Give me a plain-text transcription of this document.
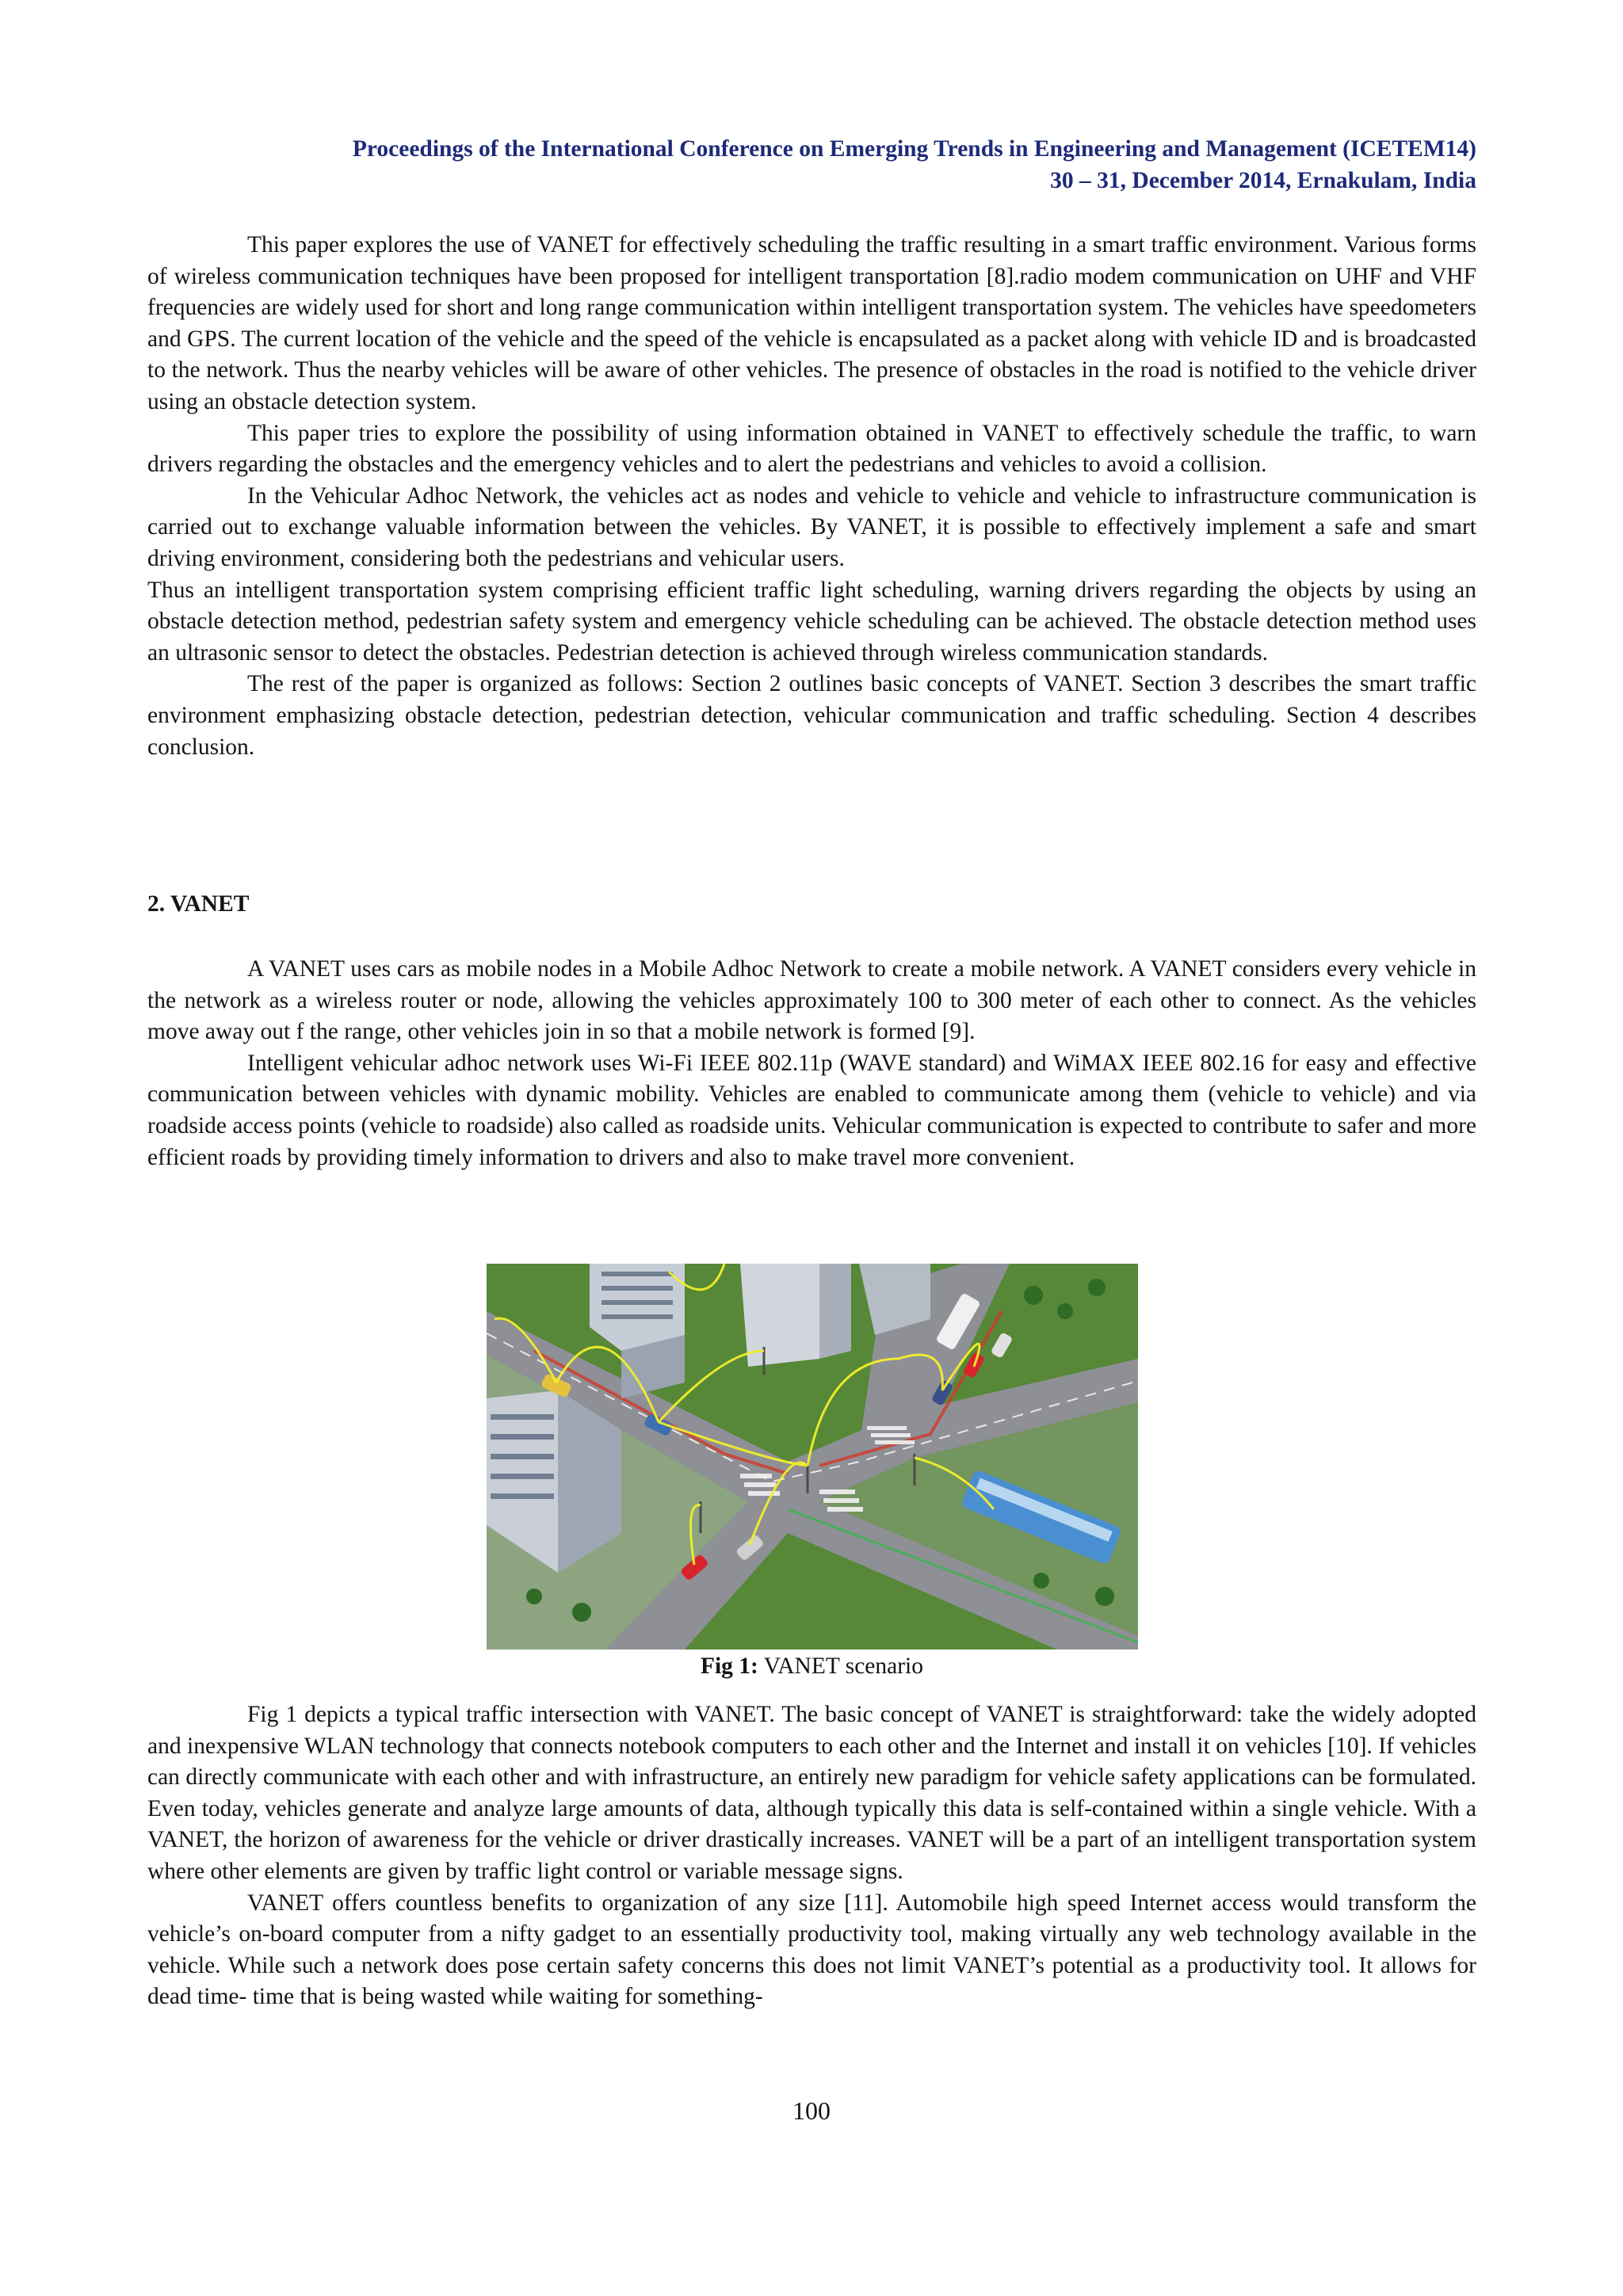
Proceedings of the International Conference on Emerging Trends in Engineering and Management (ICETEM14)
30 – 31, December 2014, Ernakulam, India

This paper explores the use of VANET for effectively scheduling the traffic resulting in a smart traffic environment. Various forms of wireless communication techniques have been proposed for intelligent transportation [8].radio modem communication on UHF and VHF frequencies are widely used for short and long range communication within intelligent transportation system. The vehicles have speedometers and GPS. The current location of the vehicle and the speed of the vehicle is encapsulated as a packet along with vehicle ID and is broadcasted to the network. Thus the nearby vehicles will be aware of other vehicles. The presence of obstacles in the road is notified to the vehicle driver using an obstacle detection system.

This paper tries to explore the possibility of using information obtained in VANET to effectively schedule the traffic, to warn drivers regarding the obstacles and the emergency vehicles and to alert the pedestrians and vehicles to avoid a collision.

In the Vehicular Adhoc Network, the vehicles act as nodes and vehicle to vehicle and vehicle to infrastructure communication is carried out to exchange valuable information between the vehicles. By VANET, it is possible to effectively implement a safe and smart driving environment, considering both the pedestrians and vehicular users.

Thus an intelligent transportation system comprising efficient traffic light scheduling, warning drivers regarding the objects by using an obstacle detection method, pedestrian safety system and emergency vehicle scheduling can be achieved. The obstacle detection method uses an ultrasonic sensor to detect the obstacles. Pedestrian detection is achieved through wireless communication standards.

The rest of the paper is organized as follows: Section 2 outlines basic concepts of VANET. Section 3 describes the smart traffic environment emphasizing obstacle detection, pedestrian detection, vehicular communication and traffic scheduling. Section 4 describes conclusion.

2. VANET

A VANET uses cars as mobile nodes in a Mobile Adhoc Network to create a mobile network. A VANET considers every vehicle in the network as a wireless router or node, allowing the vehicles approximately 100 to 300 meter of each other to connect. As the vehicles move away out f the range, other vehicles join in so that a mobile network is formed [9].

Intelligent vehicular adhoc network uses Wi-Fi IEEE 802.11p (WAVE standard) and WiMAX IEEE 802.16 for easy and effective communication between vehicles with dynamic mobility. Vehicles are enabled to communicate among them (vehicle to vehicle) and via roadside access points (vehicle to roadside) also called as roadside units. Vehicular communication is expected to contribute to safer and more efficient roads by providing timely information to drivers and also to make travel more convenient.

Fig 1: VANET scenario

Fig 1 depicts a typical traffic intersection with VANET. The basic concept of VANET is straightforward: take the widely adopted and inexpensive WLAN technology that connects notebook computers to each other and the Internet and install it on vehicles [10]. If vehicles can directly communicate with each other and with infrastructure, an entirely new paradigm for vehicle safety applications can be formulated. Even today, vehicles generate and analyze large amounts of data, although typically this data is self-contained within a single vehicle. With a VANET, the horizon of awareness for the vehicle or driver drastically increases. VANET will be a part of an intelligent transportation system where other elements are given by traffic light control or variable message signs.

VANET offers countless benefits to organization of any size [11]. Automobile high speed Internet access would transform the vehicle’s on-board computer from a nifty gadget to an essentially productivity tool, making virtually any web technology available in the vehicle. While such a network does pose certain safety concerns this does not limit VANET’s potential as a productivity tool. It allows for dead time- time that is being wasted while waiting for something-

100
